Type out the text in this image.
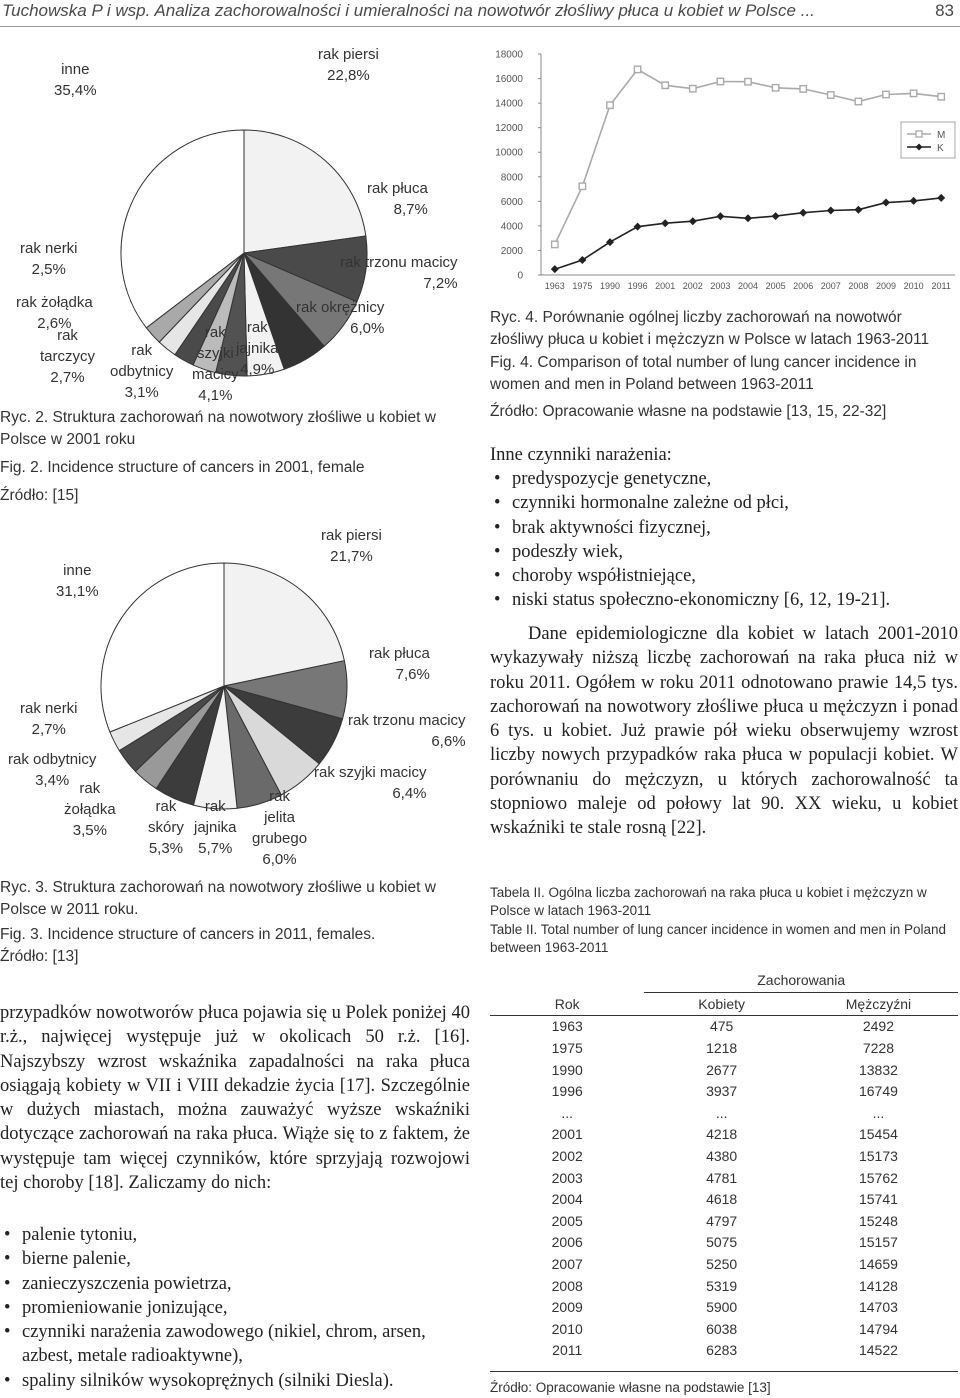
Tuchowska P i wsp. Analiza zachorowalności i umieralności na nowotwór złośliwy płuca u kobiet w Polsce ...	83
rak piersi
22,8%
inne
35,4%
rak płuca
8,7%
rak trzonu macicy
7,2%
rak okrężnicy
6,0%
rak
jajnika
4,9%
rak
szyjki
macicy
4,1%
rak
odbytnicy
3,1%
rak
tarczycy
2,7%
rak żołądka
2,6%
rak nerki
2,5%
Ryc. 2. Struktura zachorowań na nowotwory złośliwe u kobiet w Polsce w 2001 roku
Fig. 2. Incidence structure of cancers in 2001, female
Źródło: [15]
rak piersi
21,7%
inne
31,1%
rak płuca
7,6%
rak trzonu macicy
6,6%
rak szyjki macicy
6,4%
rak
jelita
grubego
6,0%
rak
jajnika
5,7%
rak
skóry
5,3%
rak
żołądka
3,5%
rak odbytnicy
3,4%
rak nerki
2,7%
Ryc. 3. Struktura zachorowań na nowotwory złośliwe u kobiet w Polsce w 2011 roku.
Fig. 3. Incidence structure of cancers in 2011, females.
Źródło: [13]
przypadków nowotworów płuca pojawia się u Polek poniżej 40 r.ż., najwięcej występuje już w okolicach 50 r.ż. [16]. Najszybszy wzrost wskaźnika zapadalności na raka płuca osiągają kobiety w VII i VIII dekadzie życia [17]. Szczególnie w dużych miastach, można zauważyć wyższe wskaźniki dotyczące zachorowań na raka płuca. Wiąże się to z faktem, że występuje tam więcej czynników, które sprzyjają rozwojowi tej choroby [18]. Zaliczamy do nich:
• palenie tytoniu,
• bierne palenie,
• zanieczyszczenia powietrza,
• promieniowanie jonizujące,
• czynniki narażenia zawodowego (nikiel, chrom, arsen, azbest, metale radioaktywne),
• spaliny silników wysokoprężnych (silniki Diesla).
0
2000
4000
6000
8000
10000
12000
14000
16000
18000
1963 1975 1990 1996 2001 2002 2003 2004 2005 2006 2007 2008 2009 2010 2011
M
K
Ryc. 4. Porównanie ogólnej liczby zachorowań na nowotwór złośliwy płuca u kobiet i mężczyzn w Polsce w latach 1963-2011
Fig. 4. Comparison of total number of lung cancer incidence in women and men in Poland between 1963-2011
Źródło: Opracowanie własne na podstawie [13, 15, 22-32]
Inne czynniki narażenia:
• predyspozycje genetyczne,
• czynniki hormonalne zależne od płci,
• brak aktywności fizycznej,
• podeszły wiek,
• choroby współistniejące,
• niski status społeczno-ekonomiczny [6, 12, 19-21].
Dane epidemiologiczne dla kobiet w latach 2001-2010 wykazywały niższą liczbę zachorowań na raka płuca niż w roku 2011. Ogółem w roku 2011 odnotowano prawie 14,5 tys. zachorowań na nowotwory złośliwe płuca u mężczyzn i ponad 6 tys. u kobiet. Już prawie pół wieku obserwujemy wzrost liczby nowych przypadków raka płuca w populacji kobiet. W porównaniu do mężczyzn, u których zachorowalność ta stopniowo maleje od połowy lat 90. XX wieku, u kobiet wskaźniki te stale rosną [22].
Tabela II. Ogólna liczba zachorowań na raka płuca u kobiet i mężczyzn w Polsce w latach 1963-2011
Table II. Total number of lung cancer incidence in women and men in Poland between 1963-2011
	Zachorowania	
Rok	Kobiety	Mężczyźni
1963	475	2492
1975	1218	7228
1990	2677	13832
1996	3937	16749
...	...	...
2001	4218	15454
2002	4380	15173
2003	4781	15762
2004	4618	15741
2005	4797	15248
2006	5075	15157
2007	5250	14659
2008	5319	14128
2009	5900	14703
2010	6038	14794
2011	6283	14522
Źródło: Opracowanie własne na podstawie [13]
